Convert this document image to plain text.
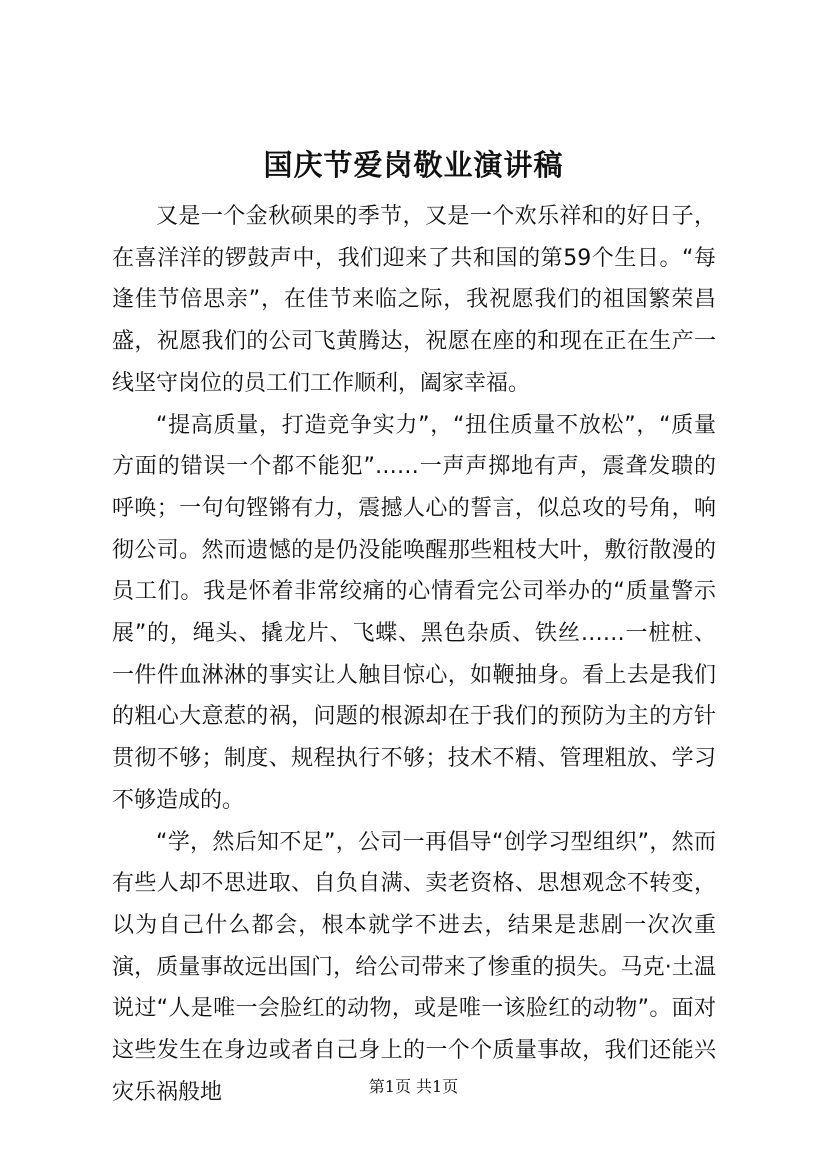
国庆节爱岗敬业演讲稿

又是一个金秋硕果的季节，又是一个欢乐祥和的好日子，在喜洋洋的锣鼓声中，我们迎来了共和国的第59个生日。“每逢佳节倍思亲”，在佳节来临之际，我祝愿我们的祖国繁荣昌盛，祝愿我们的公司飞黄腾达，祝愿在座的和现在正在生产一线坚守岗位的员工们工作顺利，阖家幸福。

“提高质量，打造竞争实力”，“扭住质量不放松”，“质量方面的错误一个都不能犯”……一声声掷地有声，震聋发聩的呼唤；一句句铿锵有力，震撼人心的誓言，似总攻的号角，响彻公司。然而遗憾的是仍没能唤醒那些粗枝大叶，敷衍散漫的员工们。我是怀着非常绞痛的心情看完公司举办的“质量警示展”的，绳头、撬龙片、飞蝶、黑色杂质、铁丝……一桩桩、一件件血淋淋的事实让人触目惊心，如鞭抽身。看上去是我们的粗心大意惹的祸，问题的根源却在于我们的预防为主的方针贯彻不够；制度、规程执行不够；技术不精、管理粗放、学习不够造成的。

“学，然后知不足”，公司一再倡导“创学习型组织”，然而有些人却不思进取、自负自满、卖老资格、思想观念不转变，以为自己什么都会，根本就学不进去，结果是悲剧一次次重演，质量事故远出国门，给公司带来了惨重的损失。马克·土温说过“人是唯一会脸红的动物，或是唯一该脸红的动物”。面对这些发生在身边或者自己身上的一个个质量事故，我们还能兴灾乐祸般地	第1页 共1页
